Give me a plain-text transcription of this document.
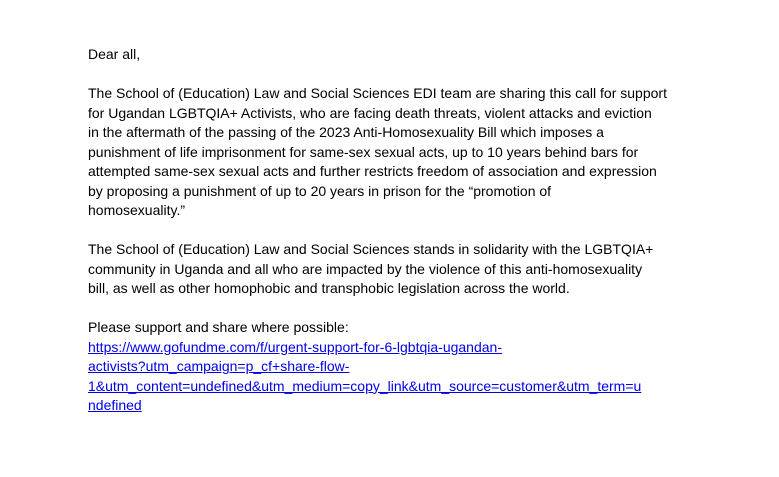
Dear all,
The School of (Education) Law and Social Sciences EDI team are sharing this call for support
for Ugandan LGBTQIA+ Activists, who are facing death threats, violent attacks and eviction
in the aftermath of the passing of the 2023 Anti-Homosexuality Bill which imposes a
punishment of life imprisonment for same-sex sexual acts, up to 10 years behind bars for
attempted same-sex sexual acts and further restricts freedom of association and expression
by proposing a punishment of up to 20 years in prison for the “promotion of
homosexuality.”
The School of (Education) Law and Social Sciences stands in solidarity with the LGBTQIA+
community in Uganda and all who are impacted by the violence of this anti-homosexuality
bill, as well as other homophobic and transphobic legislation across the world.
Please support and share where possible:
https://www.gofundme.com/f/urgent-support-for-6-lgbtqia-ugandan-
activists?utm_campaign=p_cf+share-flow-
1&utm_content=undefined&utm_medium=copy_link&utm_source=customer&utm_term=u
ndefined
